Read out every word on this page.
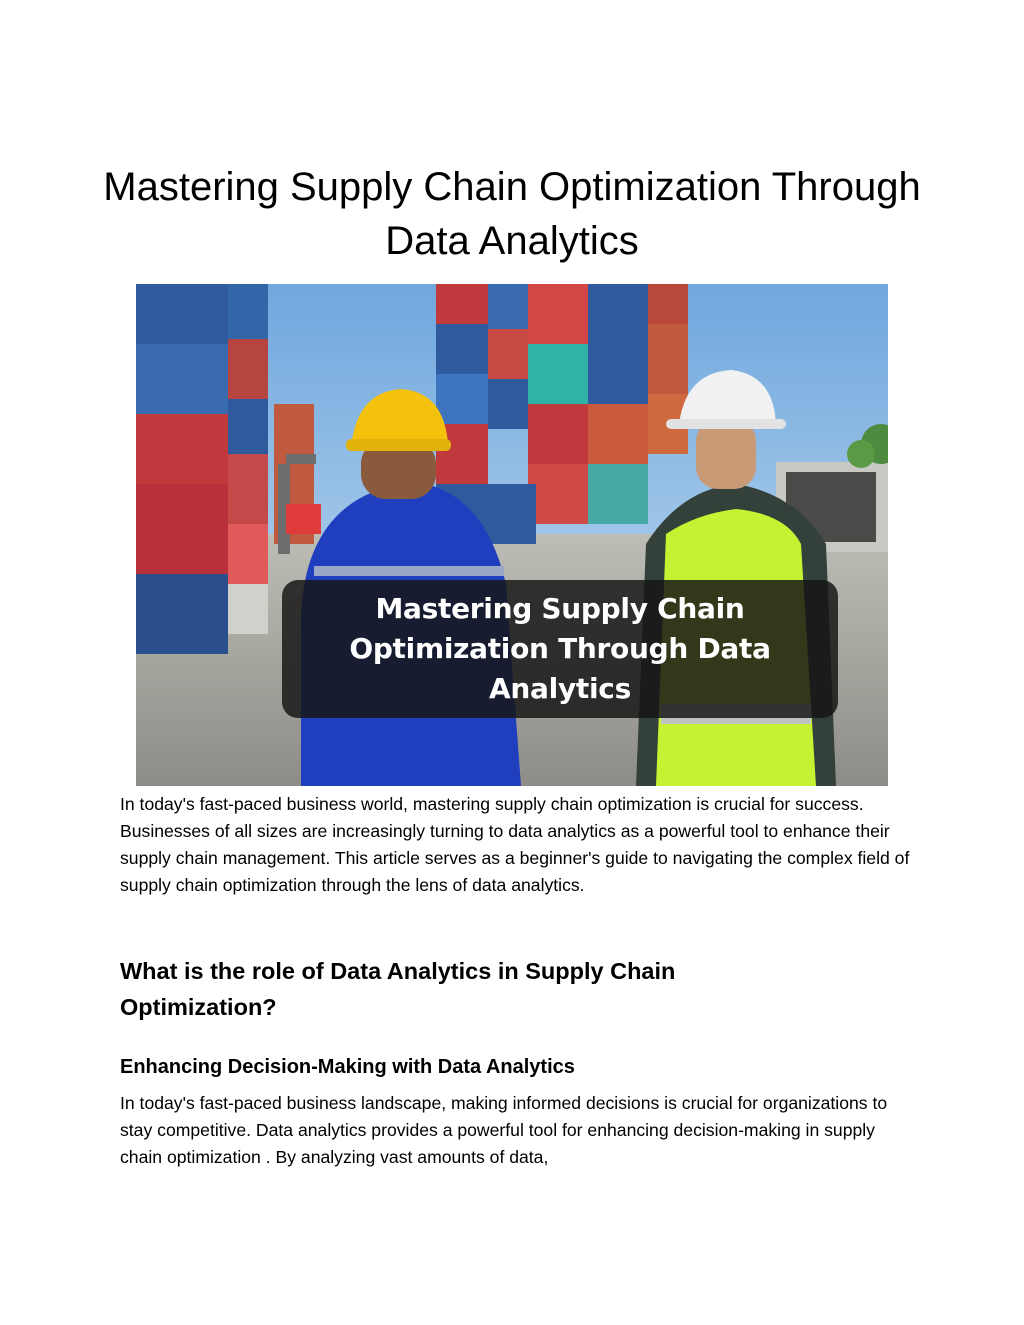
Mastering Supply Chain Optimization Through Data Analytics
Mastering Supply Chain Optimization Through Data Analytics

In today's fast-paced business world, mastering supply chain optimization is crucial for success. Businesses of all sizes are increasingly turning to data analytics as a powerful tool to enhance their supply chain management. This article serves as a beginner's guide to navigating the complex field of supply chain optimization through the lens of data analytics.

What is the role of Data Analytics in Supply Chain Optimization?
Enhancing Decision-Making with Data Analytics

In today's fast-paced business landscape, making informed decisions is crucial for organizations to stay competitive. Data analytics provides a powerful tool for enhancing decision-making in supply chain optimization . By analyzing vast amounts of data,
